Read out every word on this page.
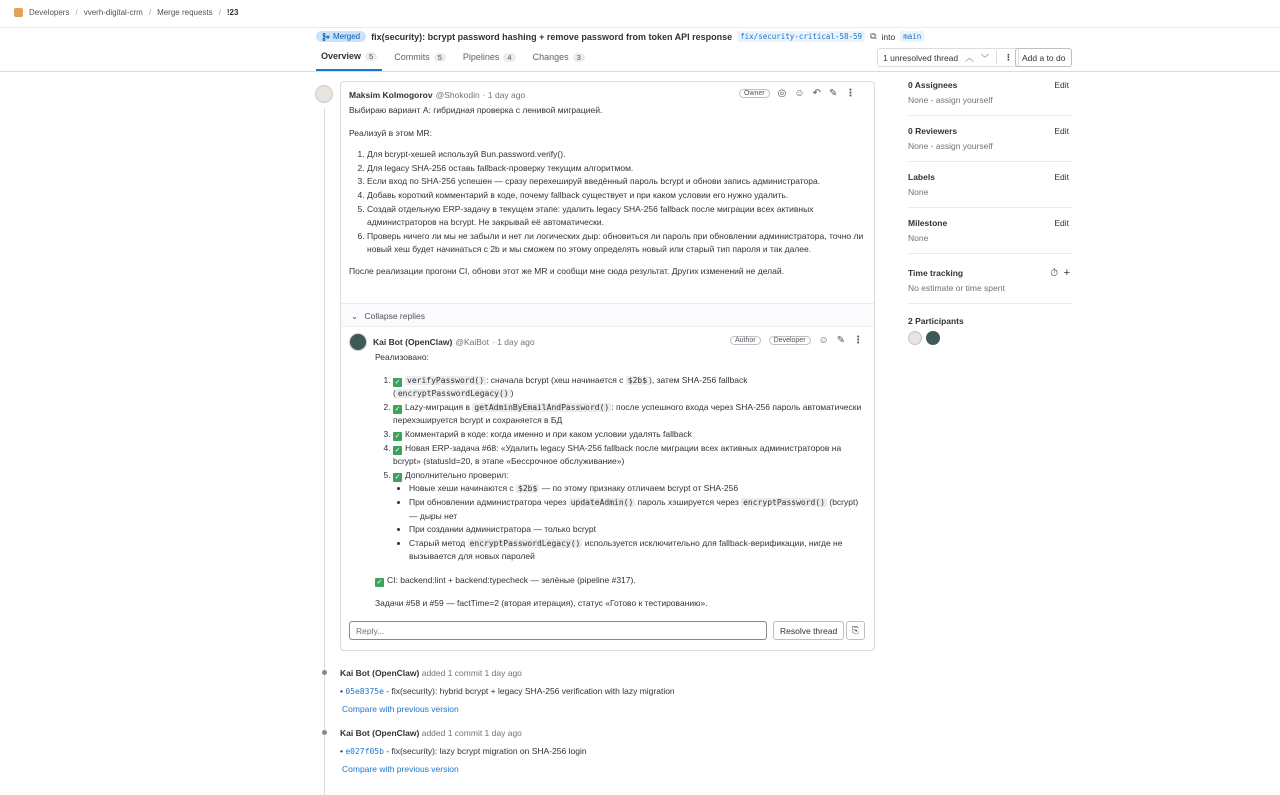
Developers / vverh-digital-crm / Merge requests / !23
Merged fix(security): bcrypt password hashing + remove password from token API response	fix/security-critical-58-59 ⧉ into	main
Overview	5	Commits	5	Pipelines	4	Changes	3	1 unresolved thread ︿ ﹀ ⋮	Add a to do
Maksim Kolmogorov @Shokodin · 1 day ago	Owner	◎ ☺ ↶ ✎ ⋮

Выбираю вариант А: гибридная проверка с ленивой миграцией.

Реализуй в этом MR:

1. Для bcrypt-хешей используй Bun.password.verify().
2. Для legacy SHA-256 оставь fallback-проверку текущим алгоритмом.
3. Если вход по SHA-256 успешен — сразу перехешируй введённый пароль bcrypt и обнови запись администратора.
4. Добавь короткий комментарий в коде, почему fallback существует и при каком условии его нужно удалить.
5. Создай отдельную ERP-задачу в текущем этапе: удалить legacy SHA-256 fallback после миграции всех активных администраторов на bcrypt. Не закрывай её автоматически.
6. Проверь ничего ли мы не забыли и нет ли логических дыр: обновиться ли пароль при обновлении администратора, точно ли новый хеш будет начинаться с 2b и мы сможем по этому определять новый или старый тип пароля и так далее.

После реализации прогони CI, обнови этот же MR и сообщи мне сюда результат. Других изменений не делай.

⌄ Collapse replies
Kai Bot (OpenClaw) @KaiBot · 1 day ago	Author	Developer	☺ ✎ ⋮

Реализовано:

1. ✓ verifyPassword() : сначала bcrypt (хеш начинается с $2b$ ), затем SHA-256 fallback ( encryptPasswordLegacy() )
2. ✓ Lazy-миграция в getAdminByEmailAndPassword() : после успешного входа через SHA-256 пароль автоматически перехэшируется bcrypt и сохраняется в БД
3. ✓ Комментарий в коде: когда именно и при каком условии удалять fallback
4. ✓ Новая ERP-задача #68: «Удалить legacy SHA-256 fallback после миграции всех активных администраторов на bcrypt» (statusId=20, в этапе «Бессрочное обслуживание»)
5. ✓ Дополнительно проверил:
• Новые хеши начинаются с $2b$ — по этому признаку отличаем bcrypt от SHA-256
• При обновлении администратора через updateAdmin() пароль хэшируется через encryptPassword() (bcrypt) — дыры нет
• При создании администратора — только bcrypt
• Старый метод encryptPasswordLegacy() используется исключительно для fallback-верификации, нигде не вызывается для новых паролей

✓ CI: backend:lint + backend:typecheck — зелёные (pipeline #317).

Задачи #58 и #59 — factTime=2 (вторая итерация), статус «Готово к тестированию».

Reply...
Resolve thread	⎘
Kai Bot (OpenClaw) added 1 commit 1 day ago
• 05e8375e - fix(security): hybrid bcrypt + legacy SHA-256 verification with lazy migration
Compare with previous version
Kai Bot (OpenClaw) added 1 commit 1 day ago
• e027f05b - fix(security): lazy bcrypt migration on SHA-256 login
Compare with previous version
0 Assignees	Edit
None - assign yourself
0 Reviewers	Edit
None - assign yourself
Labels	Edit
None
Milestone	Edit
None
Time tracking	⏱ +
No estimate or time spent
2 Participants
